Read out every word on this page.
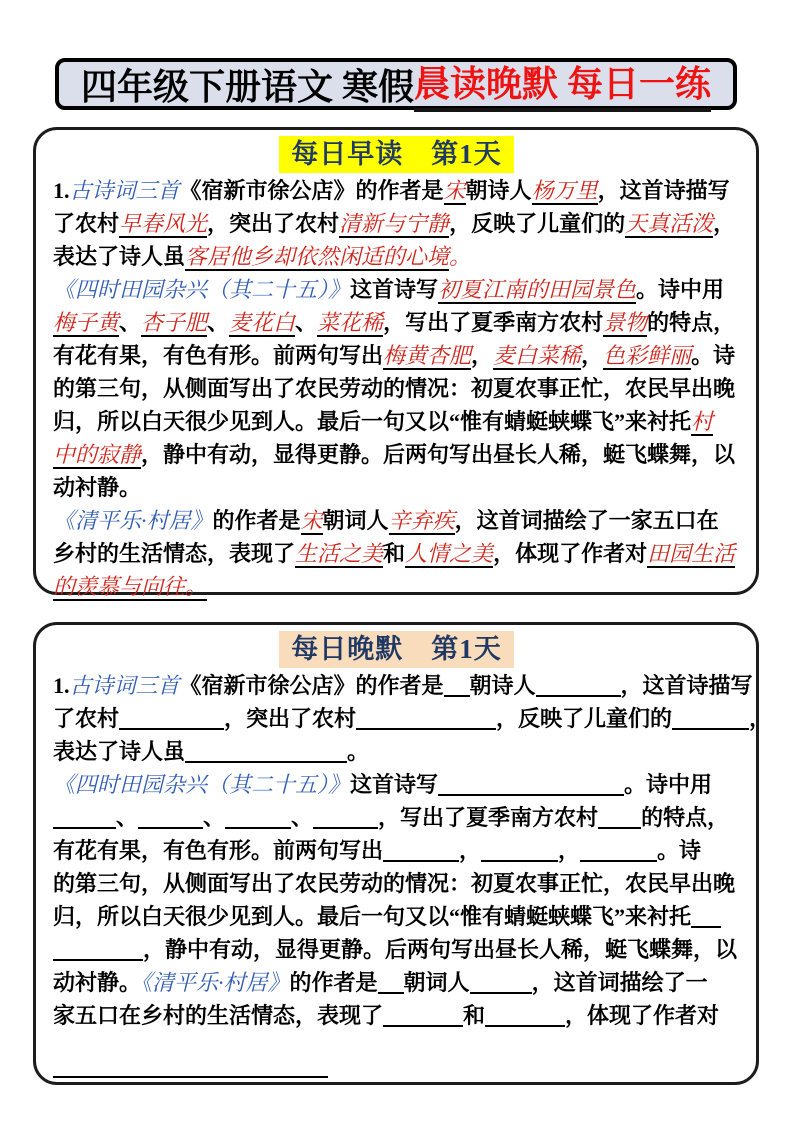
四年级下册语文 寒假 晨读晚默 每日一练
每日早读　第1天
1.古诗词三首《宿新市徐公店》的作者是宋朝诗人杨万里，这首诗描写
了农村早春风光，突出了农村清新与宁静，反映了儿童们的天真活泼，
表达了诗人虽客居他乡却依然闲适的心境。
《四时田园杂兴（其二十五）》这首诗写初夏江南的田园景色。诗中用
梅子黄、杏子肥、麦花白、菜花稀，写出了夏季南方农村景物的特点，
有花有果，有色有形。前两句写出梅黄杏肥，麦白菜稀，色彩鲜丽。诗
的第三句，从侧面写出了农民劳动的情况：初夏农事正忙，农民早出晚
归，所以白天很少见到人。最后一句又以“惟有蜻蜓蛱蝶飞”来衬托村
中的寂静，静中有动，显得更静。后两句写出昼长人稀，蜓飞蝶舞，以
动衬静。
《清平乐·村居》的作者是宋朝词人辛弃疾，这首词描绘了一家五口在
乡村的生活情态，表现了生活之美和人情之美，体现了作者对田园生活
的羡慕与向往。
每日晚默　第1天
1.古诗词三首《宿新市徐公店》的作者是 朝诗人	，这首诗描写
了农村	，突出了农村	，反映了儿童们的	，
表达了诗人虽	。
《四时田园杂兴（其二十五）》这首诗写	。诗中用
、	、	、	，写出了夏季南方农村 的特点，
有花有果，有色有形。前两句写出	，	，	。诗
的第三句，从侧面写出了农民劳动的情况：初夏农事正忙，农民早出晚
归，所以白天很少见到人。最后一句又以“惟有蜻蜓蛱蝶飞”来衬托
，静中有动，显得更静。后两句写出昼长人稀，蜓飞蝶舞，以
动衬静。《清平乐·村居》的作者是 朝词人	，这首词描绘了一
家五口在乡村的生活情态，表现了	和	，体现了作者对
